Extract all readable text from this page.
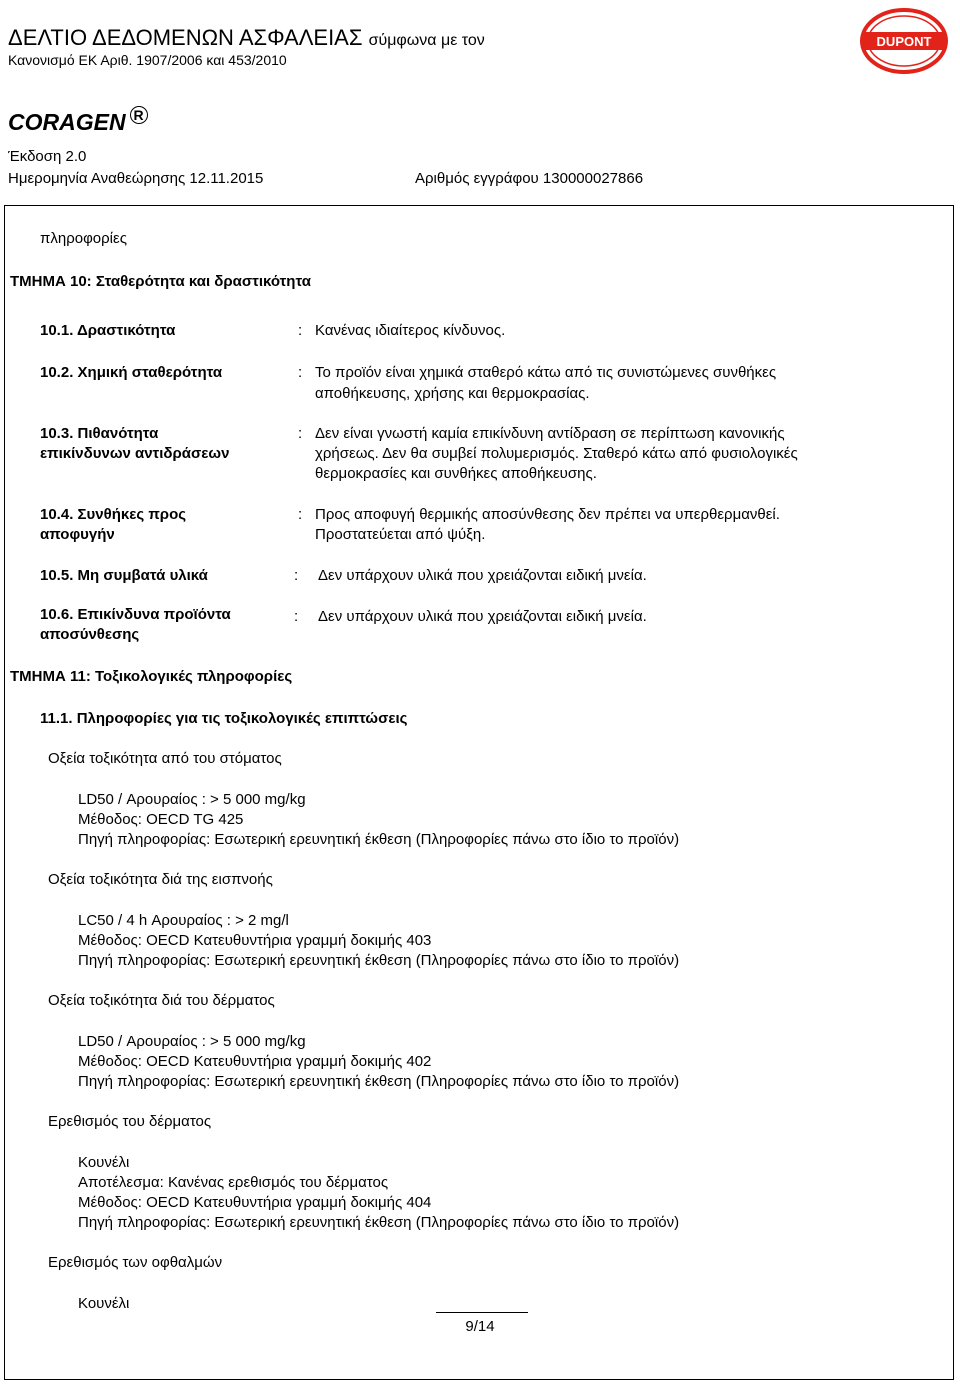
ΔΕΛΤΙΟ ΔΕΔΟΜΕΝΩΝ ΑΣΦΑΛΕΙΑΣ σύμφωνα με τον
Κανονισμό ΕΚ Αριθ. 1907/2006 και 453/2010
DUPONT
CORAGEN $^R$
Έκδοση 2.0
Ημερομηνία Αναθεώρησης 12.11.2015	Αριθμός εγγράφου 130000027866
πληροφορίες
ΤΜΗΜΑ 10: Σταθερότητα και δραστικότητα
10.1. Δραστικότητα	: Κανένας ιδιαίτερος κίνδυνος.
10.2. Χημική σταθερότητα	: Το προϊόν είναι χημικά σταθερό κάτω από τις συνιστώμενες συνθήκες
αποθήκευσης, χρήσης και θερμοκρασίας.
10.3. Πιθανότητα
επικίνδυνων αντιδράσεων
: Δεν είναι γνωστή καμία επικίνδυνη αντίδραση σε περίπτωση κανονικής
χρήσεως. Δεν θα συμβεί πολυμερισμός. Σταθερό κάτω από φυσιολογικές
θερμοκρασίες και συνθήκες αποθήκευσης.
10.4. Συνθήκες προς
αποφυγήν
: Προς αποφυγή θερμικής αποσύνθεσης δεν πρέπει να υπερθερμανθεί.
Προστατεύεται από ψύξη.
10.5. Μη συμβατά υλικά	: Δεν υπάρχουν υλικά που χρειάζονται ειδική μνεία.
10.6. Επικίνδυνα προϊόντα
αποσύνθεσης
: Δεν υπάρχουν υλικά που χρειάζονται ειδική μνεία.
ΤΜΗΜΑ 11: Τοξικολογικές πληροφορίες
11.1. Πληροφορίες για τις τοξικολογικές επιπτώσεις
Οξεία τοξικότητα από του στόματος
LD50 / Αρουραίος : > 5 000 mg/kg
Μέθοδος: OECD TG 425
Πηγή πληροφορίας: Εσωτερική ερευνητική έκθεση (Πληροφορίες πάνω στο ίδιο το προϊόν)
Οξεία τοξικότητα διά της εισπνοής
LC50 / 4 h Αρουραίος : > 2 mg/l
Μέθοδος: OECD Κατευθυντήρια γραμμή δοκιμής 403
Πηγή πληροφορίας: Εσωτερική ερευνητική έκθεση (Πληροφορίες πάνω στο ίδιο το προϊόν)
Οξεία τοξικότητα διά του δέρματος
LD50 / Αρουραίος : > 5 000 mg/kg
Μέθοδος: OECD Κατευθυντήρια γραμμή δοκιμής 402
Πηγή πληροφορίας: Εσωτερική ερευνητική έκθεση (Πληροφορίες πάνω στο ίδιο το προϊόν)
Ερεθισμός του δέρματος
Κουνέλι
Αποτέλεσμα: Κανένας ερεθισμός του δέρματος
Μέθοδος: OECD Κατευθυντήρια γραμμή δοκιμής 404
Πηγή πληροφορίας: Εσωτερική ερευνητική έκθεση (Πληροφορίες πάνω στο ίδιο το προϊόν)
Ερεθισμός των οφθαλμών
Κουνέλι
9/14
